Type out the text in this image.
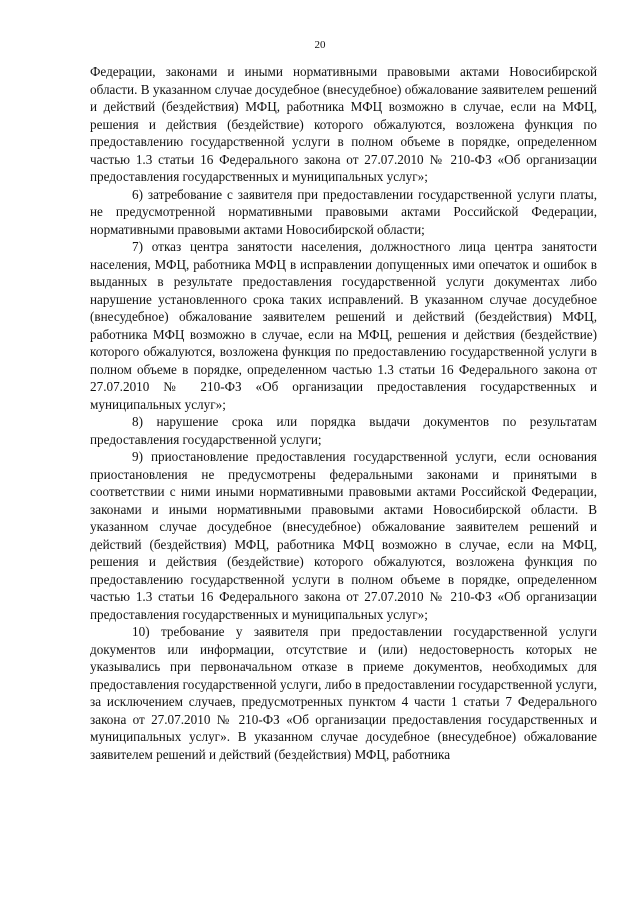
20

Федерации, законами и иными нормативными правовыми актами Новосибирской области. В указанном случае досудебное (внесудебное) обжалование заявителем решений и действий (бездействия) МФЦ, работника МФЦ возможно в случае, если на МФЦ, решения и действия (бездействие) которого обжалуются, возложена функция по предоставлению государственной услуги в полном объеме в порядке, определенном частью 1.3 статьи 16 Федерального закона от 27.07.2010 № 210-ФЗ «Об организации предоставления государственных и муниципальных услуг»;

6) затребование с заявителя при предоставлении государственной услуги платы, не предусмотренной нормативными правовыми актами Российской Федерации, нормативными правовыми актами Новосибирской области;

7) отказ центра занятости населения, должностного лица центра занятости населения, МФЦ, работника МФЦ в исправлении допущенных ими опечаток и ошибок в выданных в результате предоставления государственной услуги документах либо нарушение установленного срока таких исправлений. В указанном случае досудебное (внесудебное) обжалование заявителем решений и действий (бездействия) МФЦ, работника МФЦ возможно в случае, если на МФЦ, решения и действия (бездействие) которого обжалуются, возложена функция по предоставлению государственной услуги в полном объеме в порядке, определенном частью 1.3 статьи 16 Федерального закона от 27.07.2010 № 210-ФЗ «Об организации предоставления государственных и муниципальных услуг»;

8) нарушение срока или порядка выдачи документов по результатам предоставления государственной услуги;

9) приостановление предоставления государственной услуги, если основания приостановления не предусмотрены федеральными законами и принятыми в соответствии с ними иными нормативными правовыми актами Российской Федерации, законами и иными нормативными правовыми актами Новосибирской области. В указанном случае досудебное (внесудебное) обжалование заявителем решений и действий (бездействия) МФЦ, работника МФЦ возможно в случае, если на МФЦ, решения и действия (бездействие) которого обжалуются, возложена функция по предоставлению государственной услуги в полном объеме в порядке, определенном частью 1.3 статьи 16 Федерального закона от 27.07.2010 № 210-ФЗ «Об организации предоставления государственных и муниципальных услуг»;

10) требование у заявителя при предоставлении государственной услуги документов или информации, отсутствие и (или) недостоверность которых не указывались при первоначальном отказе в приеме документов, необходимых для предоставления государственной услуги, либо в предоставлении государственной услуги, за исключением случаев, предусмотренных пунктом 4 части 1 статьи 7 Федерального закона от 27.07.2010 № 210-ФЗ «Об организации предоставления государственных и муниципальных услуг». В указанном случае досудебное (внесудебное) обжалование заявителем решений и действий (бездействия) МФЦ, работника
